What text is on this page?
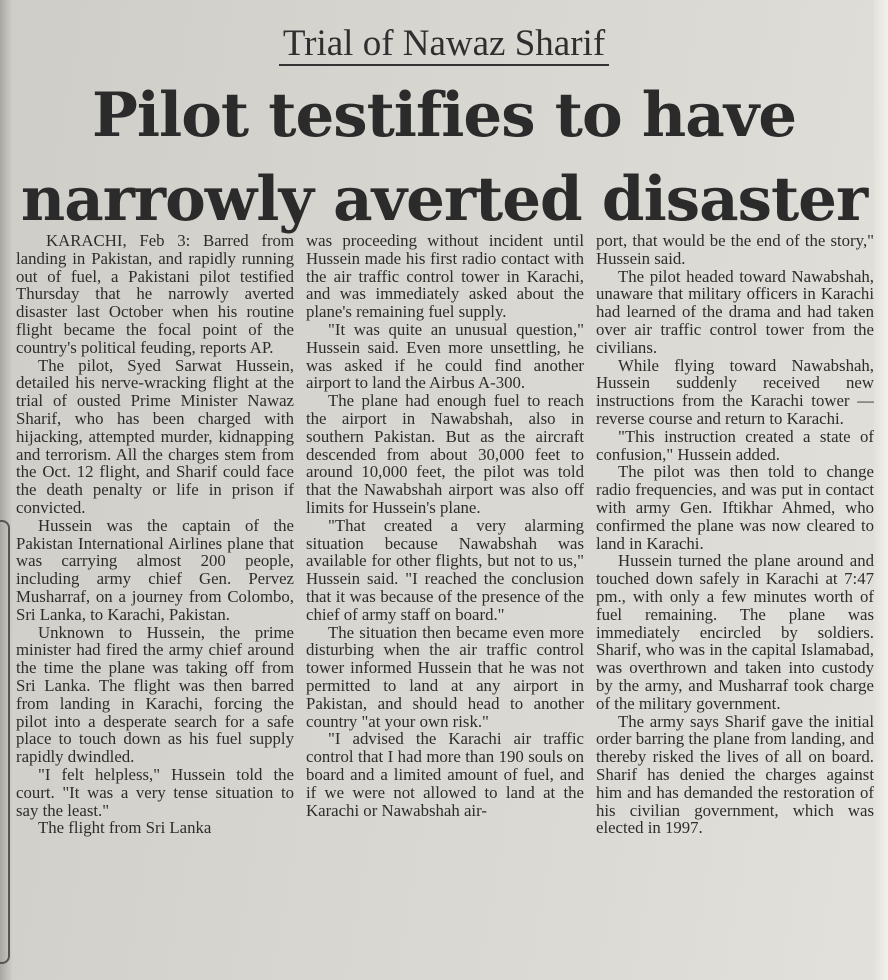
Trial of Nawaz Sharif
Pilot testifies to have narrowly averted disaster

KARACHI, Feb 3: Barred from landing in Pakistan, and rapidly running out of fuel, a Pakistani pilot testified Thursday that he narrowly averted disaster last October when his routine flight became the focal point of the country's political feuding, reports AP.

The pilot, Syed Sarwat Hussein, detailed his nerve-wracking flight at the trial of ousted Prime Minister Nawaz Sharif, who has been charged with hijacking, attempted murder, kidnapping and terrorism. All the charges stem from the Oct. 12 flight, and Sharif could face the death penalty or life in prison if convicted.

Hussein was the captain of the Pakistan International Airlines plane that was carrying almost 200 people, including army chief Gen. Pervez Musharraf, on a journey from Colombo, Sri Lanka, to Karachi, Pakistan.

Unknown to Hussein, the prime minister had fired the army chief around the time the plane was taking off from Sri Lanka. The flight was then barred from landing in Karachi, forcing the pilot into a desperate search for a safe place to touch down as his fuel supply rapidly dwindled.

"I felt helpless," Hussein told the court. "It was a very tense situation to say the least."

The flight from Sri Lanka

was proceeding without incident until Hussein made his first radio contact with the air traffic control tower in Karachi, and was immediately asked about the plane's remaining fuel supply.

"It was quite an unusual question," Hussein said. Even more unsettling, he was asked if he could find another airport to land the Airbus A-300.

The plane had enough fuel to reach the airport in Nawabshah, also in southern Pakistan. But as the aircraft descended from about 30,000 feet to around 10,000 feet, the pilot was told that the Nawabshah airport was also off limits for Hussein's plane.

"That created a very alarming situation because Nawabshah was available for other flights, but not to us," Hussein said. "I reached the conclusion that it was because of the presence of the chief of army staff on board."

The situation then became even more disturbing when the air traffic control tower informed Hussein that he was not permitted to land at any airport in Pakistan, and should head to another country "at your own risk."

"I advised the Karachi air traffic control that I had more than 190 souls on board and a limited amount of fuel, and if we were not allowed to land at the Karachi or Nawabshah air-

port, that would be the end of the story," Hussein said.

The pilot headed toward Nawabshah, unaware that military officers in Karachi had learned of the drama and had taken over air traffic control tower from the civilians.

While flying toward Nawabshah, Hussein suddenly received new instructions from the Karachi tower — reverse course and return to Karachi.

"This instruction created a state of confusion," Hussein added.

The pilot was then told to change radio frequencies, and was put in contact with army Gen. Iftikhar Ahmed, who confirmed the plane was now cleared to land in Karachi.

Hussein turned the plane around and touched down safely in Karachi at 7:47 pm., with only a few minutes worth of fuel remaining. The plane was immediately encircled by soldiers. Sharif, who was in the capital Islamabad, was overthrown and taken into custody by the army, and Musharraf took charge of the military government.

The army says Sharif gave the initial order barring the plane from landing, and thereby risked the lives of all on board. Sharif has denied the charges against him and has demanded the restoration of his civilian government, which was elected in 1997.
